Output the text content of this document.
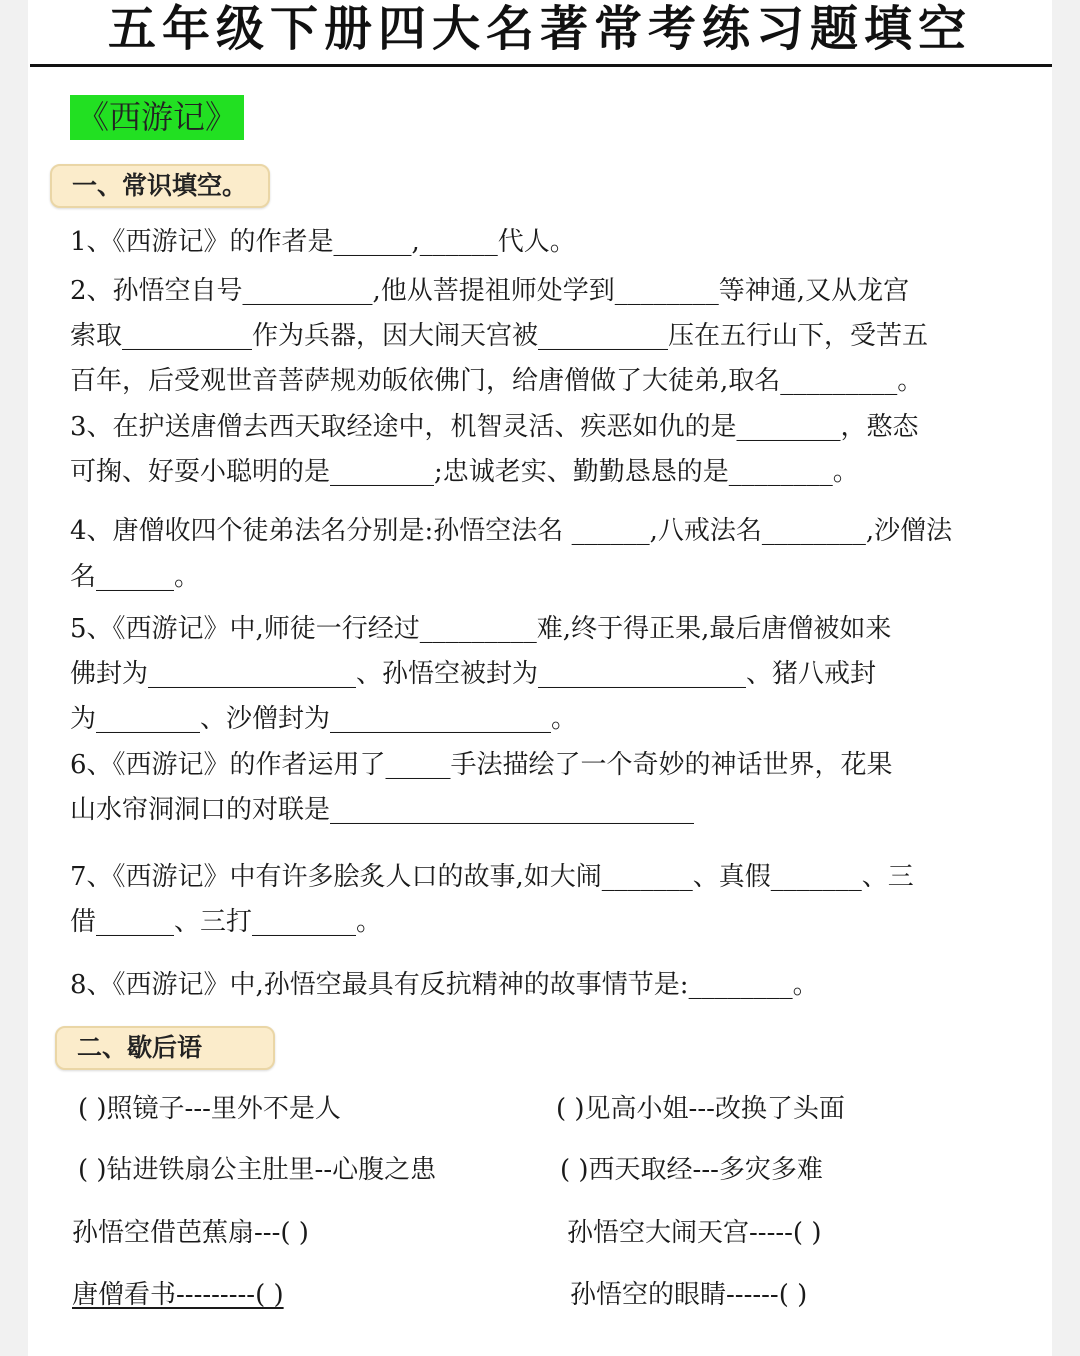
五年级下册四大名著常考练习题填空
《西游记》
一、常识填空。
1、《西游记》的作者是______,______代人。
2、孙悟空自号__________,他从菩提祖师处学到________等神通,又从龙宫
索取__________作为兵器，因大闹天宫被__________压在五行山下，受苦五
百年，后受观世音菩萨规劝皈依佛门，给唐僧做了大徒弟,取名_________。
3、在护送唐僧去西天取经途中，机智灵活、疾恶如仇的是________，憨态
可掬、好耍小聪明的是________;忠诚老实、勤勤恳恳的是________。
4、唐僧收四个徒弟法名分别是:孙悟空法名 ______,八戒法名________,沙僧法
名______。
5、《西游记》中,师徒一行经过_________难,终于得正果,最后唐僧被如来
佛封为________________、孙悟空被封为________________、猪八戒封
为________、沙僧封为_________________。
6、《西游记》的作者运用了_____手法描绘了一个奇妙的神话世界，花果
山水帘洞洞口的对联是____________________________
7、《西游记》中有许多脍炙人口的故事,如大闹_______、真假_______、三
借______、三打________。
8、《西游记》中,孙悟空最具有反抗精神的故事情节是:________。
二、歇后语
( )照镜子---里外不是人	( )见高小姐---改换了头面
( )钻进铁扇公主肚里--心腹之患	( )西天取经---多灾多难
孙悟空借芭蕉扇---( )	孙悟空大闹天宫-----( )
唐僧看书---------( )	孙悟空的眼睛------( )
